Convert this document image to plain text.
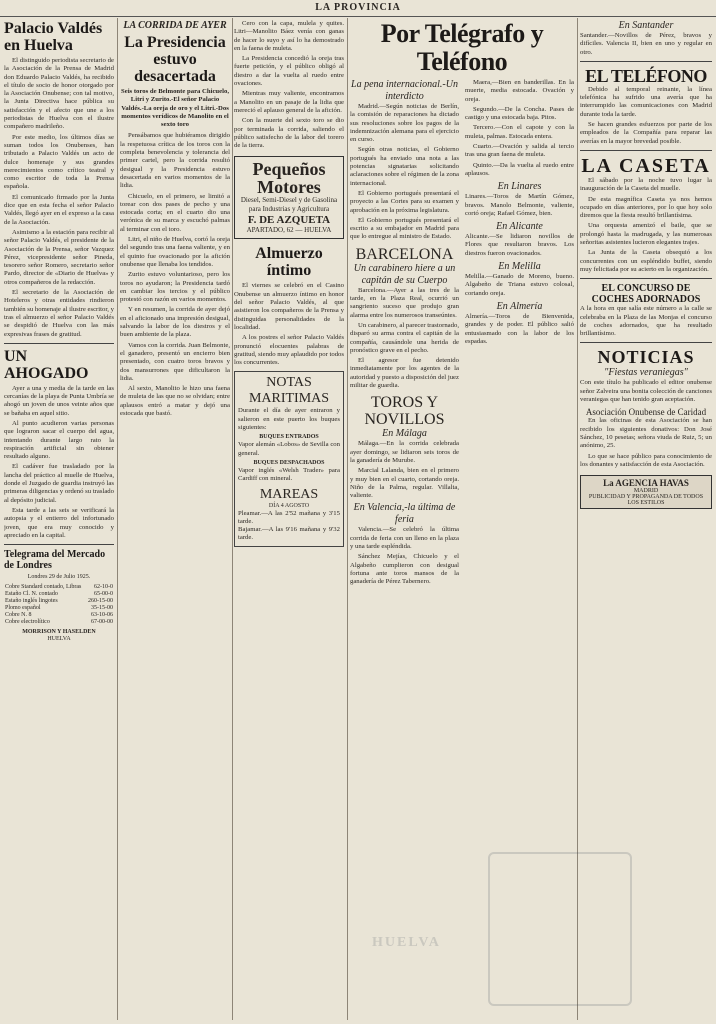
LA PROVINCIA
Palacio Valdés en Huelva

El distinguido periodista secretario de la Asociación de la Prensa de Madrid don Eduardo Palacio Valdés, ha recibido el título de socio de honor otorgado por la Asociación Onubense; con tal motivo, la Junta Directiva hace pública su satisfacción y el afecto que une a los periodistas de Huelva con el ilustre compañero madrileño.

Por este medio, los últimos días se suman todos los Onubenses, han tributado a Palacio Valdés un acto de dulce homenaje y sus grandes merecimientos como crítico teatral y como escritor de toda la Prensa española.

El comunicado firmado por la Junta dice que en esta fecha el señor Palacio Valdés, llegó ayer en el expreso a la casa de la Asociación.

Asimismo a la estación para recibir al señor Palacio Valdés, el presidente de la Asociación de la Prensa, señor Vazquez Pérez, vicepresidente señor Pineda, tesorero señor Romero, secretario señor Pardo, director de «Diario de Huelva» y otros compañeros de la redacción.

El secretario de la Asociación de Hoteleros y otras entidades rindieron también su homenaje al ilustre escritor, y tras el almuerzo el señor Palacio Valdés se despidió de Huelva con las más expresivas frases de gratitud.

UN AHOGADO

Ayer a una y media de la tarde en las cercanías de la playa de Punta Umbría se ahogó un joven de unos veinte años que se bañaba en aquel sitio.

Al punto acudieron varias personas que lograron sacar el cuerpo del agua, intentando durante largo rato la respiración artificial sin obtener resultado alguno.

El cadáver fue trasladado por la lancha del práctico al muelle de Huelva, donde el Juzgado de guardia instruyó las primeras diligencias y ordenó su traslado al depósito judicial.

Esta tarde a las seis se verificará la autopsia y el entierro del infortunado joven, que era muy conocido y apreciado en la capital.

Telegrama del Mercado de Londres
Londres 29 de Julio 1925.
Cobre Standard contado, Libras	62-10-0
Estaño Cl. N. contado	65-00-0
Estaño inglés lingotes	260-15-00
Plomo español	35-15-00
Cobre N. 8	63-10-06
Cobre electrolítico	67-00-00
MORRISON Y HASELDEN
HUELVA
LA CORRIDA DE AYER
La Presidencia estuvo desacertada
Seis toros de Belmonte para Chicuelo, Litri y Zurito.-El señor Palacio Valdés.-La oreja de oro y el Litri.-Dos momentos verídicos de Manolito en el sexto toro

Pensábamos que hubiéramos dirigido la respetuosa crítica de los toros con la completa benevolencia y tolerancia del primer cartel, pero la corrida resultó desigual y la Presidencia estuvo desacertada en varios momentos de la lidia.

Chicuelo, en el primero, se limitó a torear con dos pases de pecho y una estocada corta; en el cuarto dio una verónica de su marca y escuchó palmas al terminar con el toro.

Litri, el niño de Huelva, cortó la oreja del segundo tras una faena valiente, y en el quinto fue ovacionado por la afición onubense que llenaba los tendidos.

Zurito estuvo voluntarioso, pero los toros no ayudaron; la Presidencia tardó en cambiar los tercios y el público protestó con razón en varios momentos.

Y en resumen, la corrida de ayer dejó en el aficionado una impresión desigual, salvando la labor de los diestros y el buen ambiente de la plaza.

Vamos con la corrida. Juan Belmonte, el ganadero, presentó un encierro bien presentado, con cuatro toros bravos y dos mansurrones que dificultaron la lidia.

Al sexto, Manolito le hizo una faena de muleta de las que no se olvidan; entre aplausos entró a matar y dejó una estocada que bastó.

Cero con la capa, mulela y quites. Litri—Manolito Báez venía con ganas de hacer lo suyo y así lo ha demostrado en la faena de muleta.

La Presidencia concedió la oreja tras fuerte petición, y el público obligó al diestro a dar la vuelta al ruedo entre ovaciones.

Mientras muy valiente, encontramos a Manolito en un pasaje de la lidia que mereció el aplauso general de la afición.

Con la muerte del sexto toro se dio por terminada la corrida, saliendo el público satisfecho de la labor del torero de la tierra.

Pequeños Motores
Diesel, Semi-Diesel y de Gasolina
para Industrias y Agricultura
F. DE AZQUETA
APARTADO, 62 — HUELVA
Almuerzo íntimo

El viernes se celebró en el Casino Onubense un almuerzo íntimo en honor del señor Palacio Valdés, al que asistieron los compañeros de la Prensa y distinguidas personalidades de la localidad.

A los postres el señor Palacio Valdés pronunció elocuentes palabras de gratitud, siendo muy aplaudido por todos los concurrentes.

NOTAS MARITIMAS
Durante el día de ayer entraron y salieron en este puerto los buques siguientes:
BUQUES ENTRADOS
Vapor alemán «Lobos» de Sevilla con general.
BUQUES DESPACHADOS
Vapor inglés «Welsh Trader» para Cardiff con mineral.
MAREAS
DÍA 4 AGOSTO
Pleamar.—A las 2'52 mañana y 3'15 tarde.
Bajamar.—A las 9'16 mañana y 9'32 tarde.
Por Telégrafo y Teléfono
La pena internacional.-Un interdicto

Madrid.—Según noticias de Berlín, la comisión de reparaciones ha dictado sus resoluciones sobre los pagos de la indemnización alemana para el ejercicio en curso.

Según otras noticias, el Gobierno portugués ha enviado una nota a las potencias signatarias solicitando aclaraciones sobre el régimen de la zona internacional.

El Gobierno portugués presentará el proyecto a las Cortes para su examen y aprobación en la próxima legislatura.

El Gobierno portugués presentará el escrito a su embajador en Madrid para que lo entregue al ministro de Estado.

BARCELONA
Un carabinero hiere a un capitán de su Cuerpo

Barcelona.—Ayer a las tres de la tarde, en la Plaza Real, ocurrió un sangriento suceso que produjo gran alarma entre los numerosos transeúntes.

Un carabinero, al parecer trastornado, disparó su arma contra el capitán de la compañía, causándole una herida de pronóstico grave en el pecho.

El agresor fue detenido inmediatamente por los agentes de la autoridad y puesto a disposición del juez militar de guardia.

TOROS Y NOVILLOS
En Málaga

Málaga.—En la corrida celebrada ayer domingo, se lidiaron seis toros de la ganadería de Murube.

Marcial Lalanda, bien en el primero y muy bien en el cuarto, cortando oreja. Niño de la Palma, regular. Villalta, valiente.

En Valencia,-la última de feria

Valencia.—Se celebró la última corrida de feria con un lleno en la plaza y una tarde espléndida.

Sánchez Mejías, Chicuelo y el Algabeño cumplieron con desigual fortuna ante toros mansos de la ganadería de Pérez Tabernero.

Maera,—Bien en banderillas. En la muerte, media estocada. Ovación y oreja.

Segundo.—De la Concha. Pases de castigo y una estocada baja. Pitos.

Tercero.—Con el capote y con la muleta, palmas. Estocada entera.

Cuarto.—Ovación y salida al tercio tras una gran faena de muleta.

Quinto.—Da la vuelta al ruedo entre aplausos.

En Linares
Linares.—Toros de Martín Gómez, bravos. Manolo Belmonte, valiente, cortó oreja; Rafael Gómez, bien.
En Alicante
Alicante.—Se lidiaron novillos de Flores que resultaron bravos. Los diestros fueron ovacionados.
En Melilla
Melilla.—Ganado de Moreno, bueno. Algabeño de Triana estuvo colosal, cortando oreja.
En Almería
Almería.—Toros de Bienvenida, grandes y de poder. El público salió entusiasmado con la labor de los espadas.
En Santander
Santander.—Novillos de Pérez, bravos y difíciles. Valencia II, bien en uno y regular en otro.
EL TELÉFONO

Debido al temporal reinante, la línea telefónica ha sufrido una avería que ha interrumpido las comunicaciones con Madrid durante toda la tarde.

Se hacen grandes esfuerzos por parte de los empleados de la Compañía para reparar las averías en la mayor brevedad posible.

LA CASETA

El sábado por la noche tuvo lugar la inauguración de la Caseta del muelle.

De esta magnífica Caseta ya nos hemos ocupado en días anteriores, por lo que hoy solo diremos que la fiesta resultó brillantísima.

Una orquesta amenizó el baile, que se prolongó hasta la madrugada, y las numerosas señoritas asistentes lucieron elegantes trajes.

La Junta de la Caseta obsequió a los concurrentes con un espléndido buffet, siendo muy felicitada por su acierto en la organización.

EL CONCURSO DE COCHES ADORNADOS
A la hora en que salía este número a la calle se celebraba en la Plaza de las Monjas el concurso de coches adornados, que ha resultado brillantísimo.
NOTICIAS
"Fiestas veraniegas"
Con este título ha publicado el editor onubense señor Zalveira una bonita colección de canciones veraniegas que han tenido gran aceptación.
Asociación Onubense de Caridad

En las oficinas de esta Asociación se han recibido los siguientes donativos: Don José Sánchez, 10 pesetas; señora viuda de Ruiz, 5; un anónimo, 25.

Lo que se hace público para conocimiento de los donantes y satisfacción de esta Asociación.

La AGENCIA HAVAS
MADRID
PUBLICIDAD Y PROPAGANDA DE TODOS LOS ESTILOS
HUELVA
